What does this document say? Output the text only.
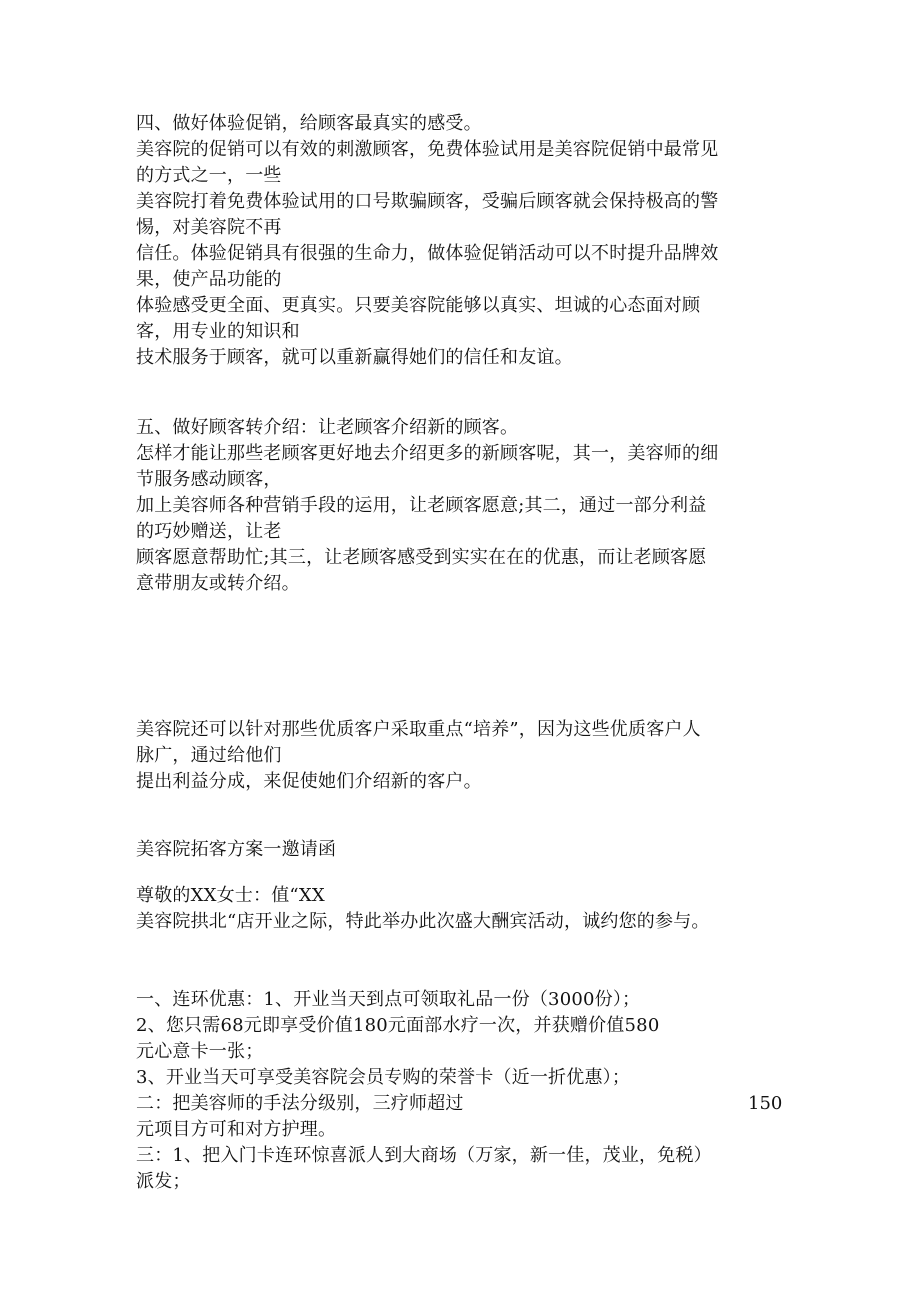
四、做好体验促销，给顾客最真实的感受。
美容院的促销可以有效的刺激顾客，免费体验试用是美容院促销中最常见
的方式之一，一些
美容院打着免费体验试用的口号欺骗顾客，受骗后顾客就会保持极高的警
惕，对美容院不再
信任。体验促销具有很强的生命力，做体验促销活动可以不时提升品牌效
果，使产品功能的
体验感受更全面、更真实。只要美容院能够以真实、坦诚的心态面对顾
客，用专业的知识和
技术服务于顾客，就可以重新赢得她们的信任和友谊。
五、做好顾客转介绍：让老顾客介绍新的顾客。
怎样才能让那些老顾客更好地去介绍更多的新顾客呢，其一，美容师的细
节服务感动顾客，
加上美容师各种营销手段的运用，让老顾客愿意;其二，通过一部分利益
的巧妙赠送，让老
顾客愿意帮助忙;其三，让老顾客感受到实实在在的优惠，而让老顾客愿
意带朋友或转介绍。
美容院还可以针对那些优质客户采取重点“培养”，因为这些优质客户人
脉广，通过给他们
提出利益分成，来促使她们介绍新的客户。
美容院拓客方案一邀请函
尊敬的XX女士：值“XX
美容院拱北“店开业之际，特此举办此次盛大酬宾活动，诚约您的参与。
一、连环优惠：1、开业当天到点可领取礼品一份（3000份）；
2、您只需68元即享受价值180元面部水疗一次，并获赠价值580
元心意卡一张；
3、开业当天可享受美容院会员专购的荣誉卡（近一折优惠）；
二：把美容师的手法分级别，三疗师超过	150
元项目方可和对方护理。
三：1、把入门卡连环惊喜派人到大商场（万家，新一佳，茂业，免税）
派发；
